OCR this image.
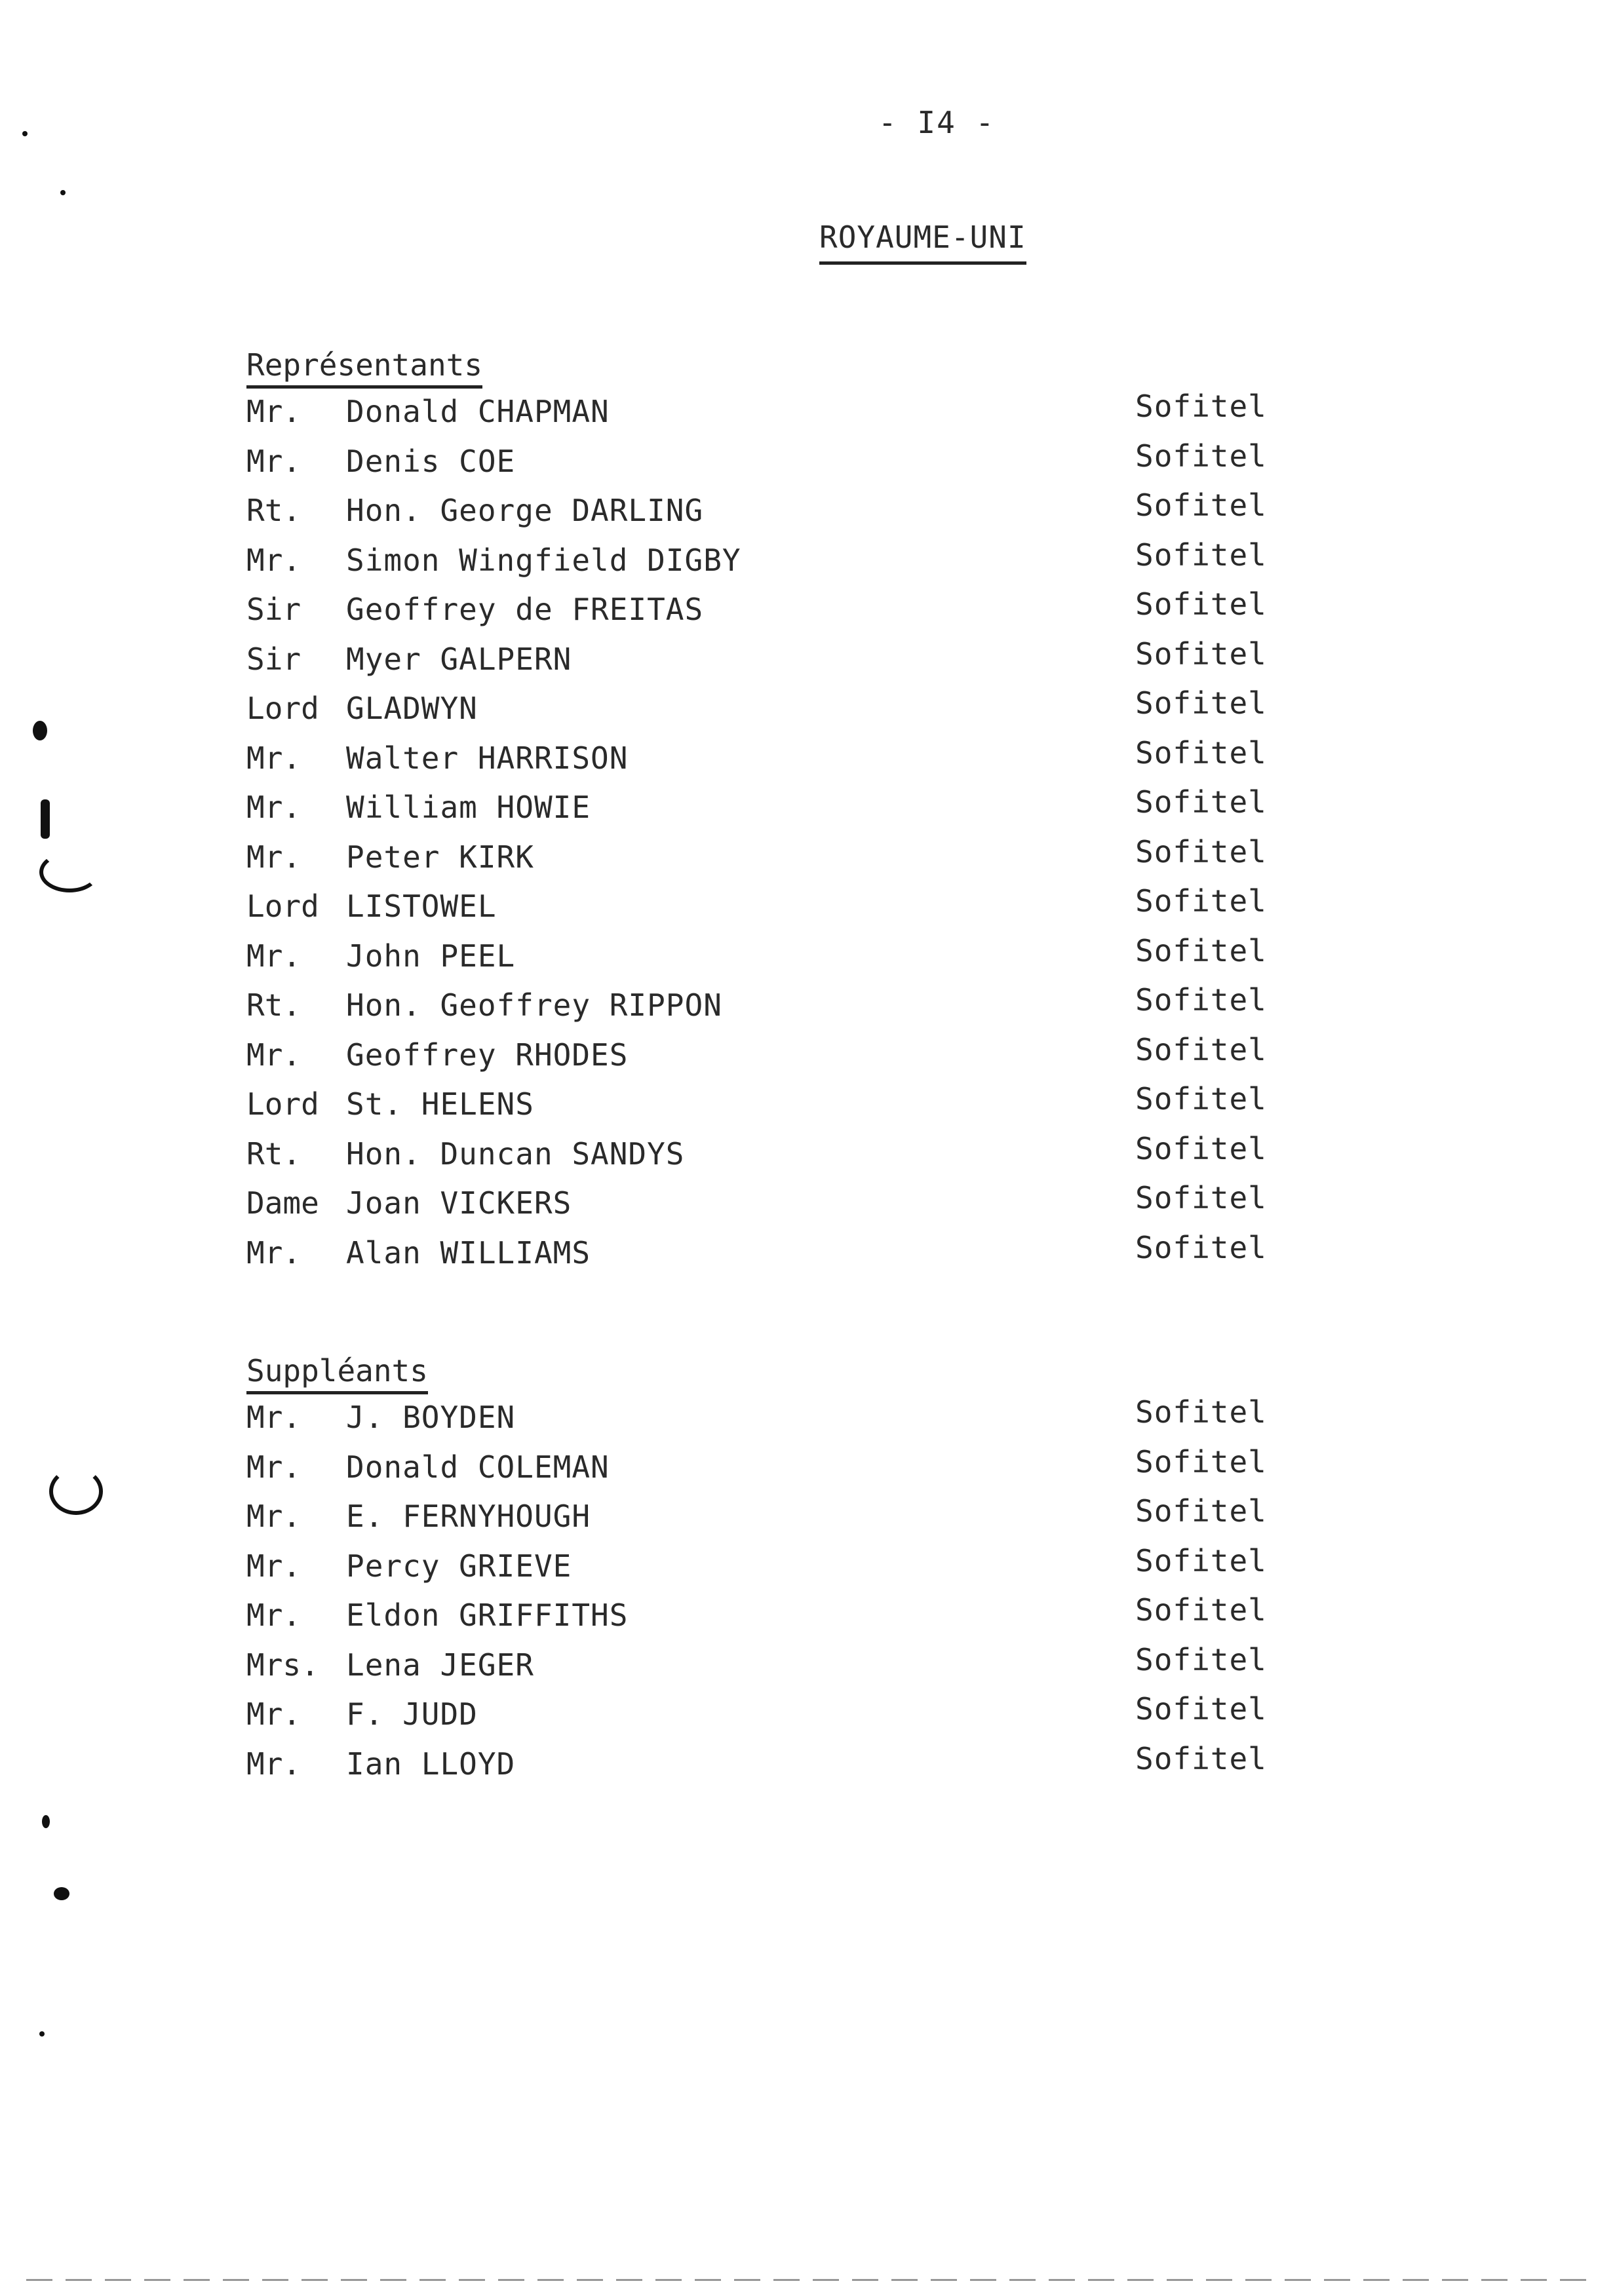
- I4 -
ROYAUME-UNI
Représentants
Mr. Donald CHAPMAN	Sofitel
Mr. Denis COE	Sofitel
Rt. Hon. George DARLING	Sofitel
Mr. Simon Wingfield DIGBY	Sofitel
Sir Geoffrey de FREITAS	Sofitel
Sir Myer GALPERN	Sofitel
Lord GLADWYN	Sofitel
Mr. Walter HARRISON	Sofitel
Mr. William HOWIE	Sofitel
Mr. Peter KIRK	Sofitel
Lord LISTOWEL	Sofitel
Mr. John PEEL	Sofitel
Rt. Hon. Geoffrey RIPPON	Sofitel
Mr. Geoffrey RHODES	Sofitel
Lord St. HELENS	Sofitel
Rt. Hon. Duncan SANDYS	Sofitel
Dame Joan VICKERS	Sofitel
Mr. Alan WILLIAMS	Sofitel
Suppléants
Mr. J. BOYDEN	Sofitel
Mr. Donald COLEMAN	Sofitel
Mr. E. FERNYHOUGH	Sofitel
Mr. Percy GRIEVE	Sofitel
Mr. Eldon GRIFFITHS	Sofitel
Mrs. Lena JEGER	Sofitel
Mr. F. JUDD	Sofitel
Mr. Ian LLOYD	Sofitel
